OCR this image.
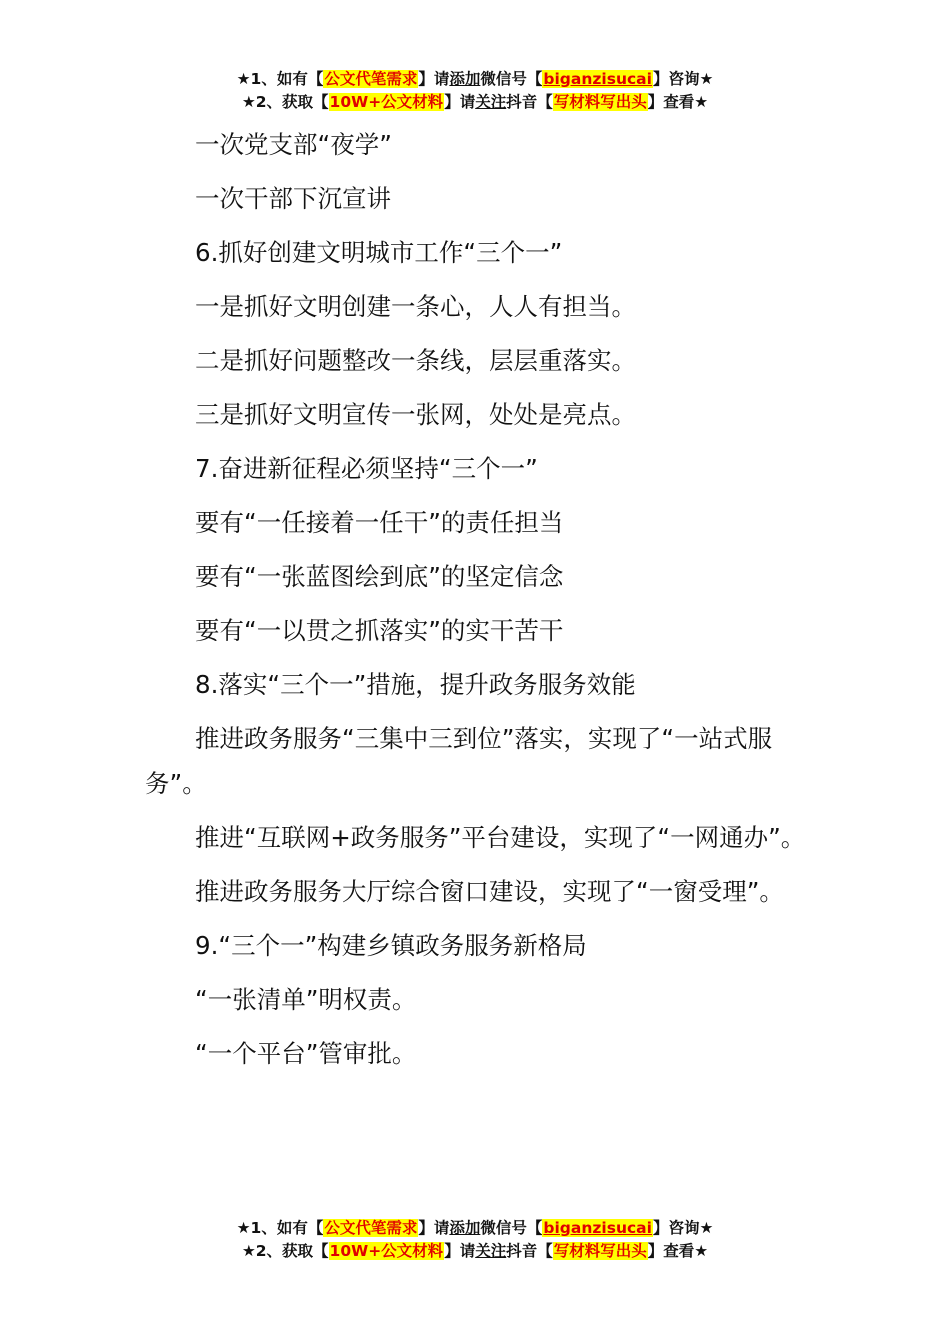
★1、如有【公文代笔需求】请添加微信号【biganzisucai】咨询★
★2、获取【10W+公文材料】请关注抖音【写材料写出头】查看★

一次党支部“夜学”

一次干部下沉宣讲

6.抓好创建文明城市工作“三个一”

一是抓好文明创建一条心，人人有担当。

二是抓好问题整改一条线，层层重落实。

三是抓好文明宣传一张网，处处是亮点。

7.奋进新征程必须坚持“三个一”

要有“一任接着一任干”的责任担当

要有“一张蓝图绘到底”的坚定信念

要有“一以贯之抓落实”的实干苦干

8.落实“三个一”措施，提升政务服务效能

推进政务服务“三集中三到位”落实，实现了“一站式服务”。

推进“互联网+政务服务”平台建设，实现了“一网通办”。

推进政务服务大厅综合窗口建设，实现了“一窗受理”。

9.“三个一”构建乡镇政务服务新格局

“一张清单”明权责。

“一个平台”管审批。

★1、如有【公文代笔需求】请添加微信号【biganzisucai】咨询★
★2、获取【10W+公文材料】请关注抖音【写材料写出头】查看★
